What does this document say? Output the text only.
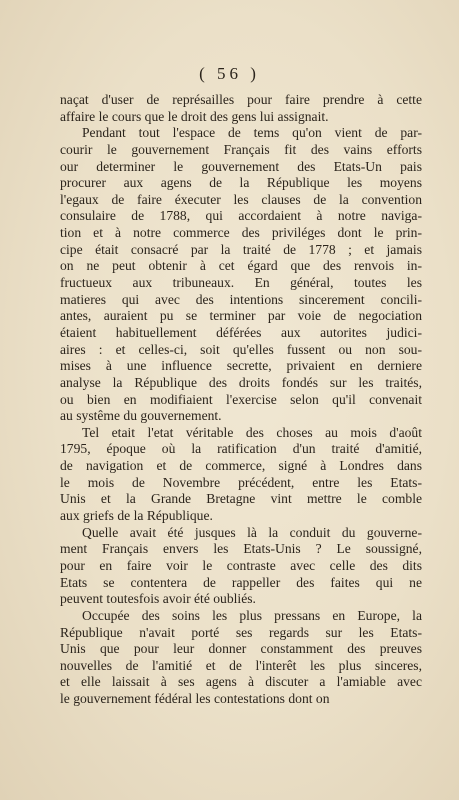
( 56 )
naçat d'user de représailles pour faire prendre à cette
affaire le cours que le droit des gens lui assignait.
Pendant tout l'espace de tems qu'on vient de par-
courir le gouvernement Français fit des vains efforts
our determiner le gouvernement des Etats-Un pais
procurer aux agens de la République les moyens
l'egaux de faire éxecuter les clauses de la convention
consulaire de 1788, qui accordaient à notre naviga-
tion et à notre commerce des priviléges dont le prin-
cipe était consacré par la traité de 1778 ; et jamais
on ne peut obtenir à cet égard que des renvois in-
fructueux aux tribuneaux. En général, toutes les
matieres qui avec des intentions sincerement concili-
antes, auraient pu se terminer par voie de negociation
étaient habituellement déférées aux autorites judici-
aires : et celles-ci, soit qu'elles fussent ou non sou-
mises à une influence secrette, privaient en derniere
analyse la République des droits fondés sur les traités,
ou bien en modifiaient l'exercise selon qu'il convenait
au systême du gouvernement.
Tel etait l'etat véritable des choses au mois d'août
1795, époque où la ratification d'un traité d'amitié,
de navigation et de commerce, signé à Londres dans
le mois de Novembre précédent, entre les Etats-
Unis et la Grande Bretagne vint mettre le comble
aux griefs de la République.
Quelle avait été jusques là la conduit du gouverne-
ment Français envers les Etats-Unis ? Le soussigné,
pour en faire voir le contraste avec celle des dits
Etats se contentera de rappeller des faites qui ne
peuvent toutesfois avoir été oubliés.
Occupée des soins les plus pressans en Europe, la
République n'avait porté ses regards sur les Etats-
Unis que pour leur donner constamment des preuves
nouvelles de l'amitié et de l'interêt les plus sinceres,
et elle laissait à ses agens à discuter a l'amiable avec
le gouvernement fédéral les contestations dont on
